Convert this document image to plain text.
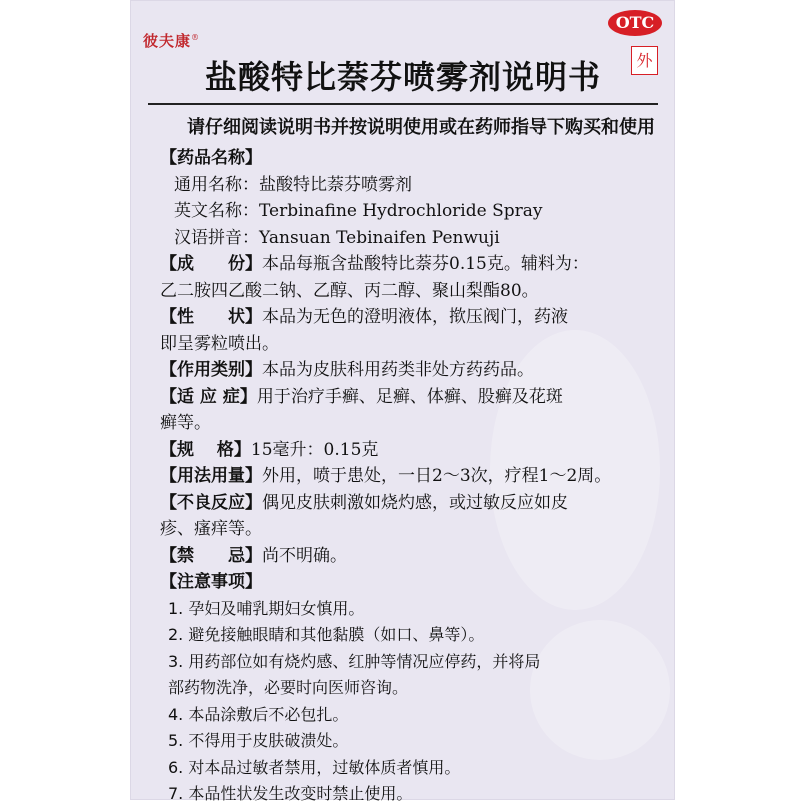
彼夫康®
OTC
外
盐酸特比萘芬喷雾剂说明书
请仔细阅读说明书并按说明使用或在药师指导下购买和使用
【药品名称】
通用名称：盐酸特比萘芬喷雾剂
英文名称：Terbinafine Hydrochloride Spray
汉语拼音：Yansuan Tebinaifen Penwuji
【成　　份】本品每瓶含盐酸特比萘芬0.15克。辅料为：
乙二胺四乙酸二钠、乙醇、丙二醇、聚山梨酯80。
【性　　状】本品为无色的澄明液体，揿压阀门，药液
即呈雾粒喷出。
【作用类别】本品为皮肤科用药类非处方药药品。
【适 应 症】用于治疗手癣、足癣、体癣、股癣及花斑
癣等。
【规　 格】15毫升：0.15克
【用法用量】外用，喷于患处，一日2～3次，疗程1～2周。
【不良反应】偶见皮肤刺激如烧灼感，或过敏反应如皮
疹、瘙痒等。
【禁　　忌】尚不明确。
【注意事项】
1. 孕妇及哺乳期妇女慎用。
2. 避免接触眼睛和其他黏膜（如口、鼻等）。
3. 用药部位如有烧灼感、红肿等情况应停药，并将局
部药物洗净，必要时向医师咨询。
4. 本品涂敷后不必包扎。
5. 不得用于皮肤破溃处。
6. 对本品过敏者禁用，过敏体质者慎用。
7. 本品性状发生改变时禁止使用。
